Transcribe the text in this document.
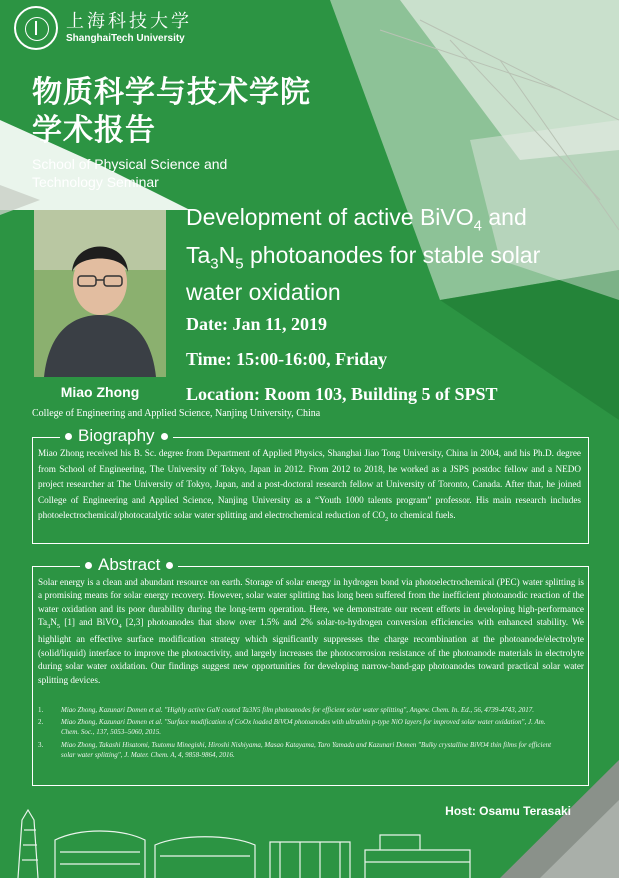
上海科技大学
ShanghaiTech University
物质科学与技术学院
学术报告
School of Physical Science and
Technology Seminar
Miao Zhong
College of Engineering and Applied Science, Nanjing University, China
Development of active BiVO$_4$ and
$Ta_3N_5$ photoanodes for stable solar
water oxidation
Date: Jan 11, 2019
Time: 15:00-16:00, Friday
Location: Room 103, Building 5 of SPST
Biography
Miao Zhong received his B. Sc. degree from Department of Applied Physics, Shanghai Jiao Tong University, China in 2004, and his Ph.D. degree from School of Engineering, The University of Tokyo, Japan in 2012. From 2012 to 2018, he worked as a JSPS postdoc fellow and a NEDO project researcher at The University of Tokyo, Japan, and a post-doctoral research fellow at University of Toronto, Canada. After that, he joined College of Engineering and Applied Science, Nanjing University as a “Youth 1000 talents program” professor. His main research includes photoelectrochemical/photocatalytic solar water splitting and electrochemical reduction of $CO_2$ to chemical fuels.
Abstract
Solar energy is a clean and abundant resource on earth. Storage of solar energy in hydrogen bond via photoelectrochemical (PEC) water splitting is a promising means for solar energy recovery. However, solar water splitting has long been suffered from the inefficient photoanodic reaction of the water oxidation and its poor durability during the long-term operation. Here, we demonstrate our recent efforts in developing high-performance $Ta_3N_5$ [1] and BiVO$_4$ [2,3] photoanodes that show over 1.5% and 2% solar-to-hydrogen conversion efficiencies with enhanced stability. We highlight an effective surface modification strategy which significantly suppresses the charge recombination at the photoanode/electrolyte (solid/liquid) interface to improve the photoactivity, and largely increases the photocorrosion resistance of the photoanode materials in electrolyte during solar water oxidation. Our findings suggest new opportunities for developing narrow-band-gap photoanodes toward practical solar water splitting devices.
1.	Miao Zhong, Kazunari Domen et al. "Highly active GaN coated Ta3N5 film photoanodes for efficient solar water splitting", Angew. Chem. In. Ed., 56, 4739-4743, 2017.
2.	Miao Zhong, Kazunari Domen et al. "Surface modification of CoOx loaded BiVO4 photoanodes with ultrathin p-type NiO layers for improved solar water oxidation", J. Am. Chem. Soc., 137, 5053–5060, 2015.
3.	Miao Zhong, Takashi Hisatomi, Tsutomu Minegishi, Hiroshi Nishiyama, Masao Katayama, Taro Yamada and Kazunari Domen "Bulky crystalline BiVO4 thin films for efficient solar water splitting", J. Mater. Chem. A, 4, 9858-9864, 2016.
Host: Osamu Terasaki
